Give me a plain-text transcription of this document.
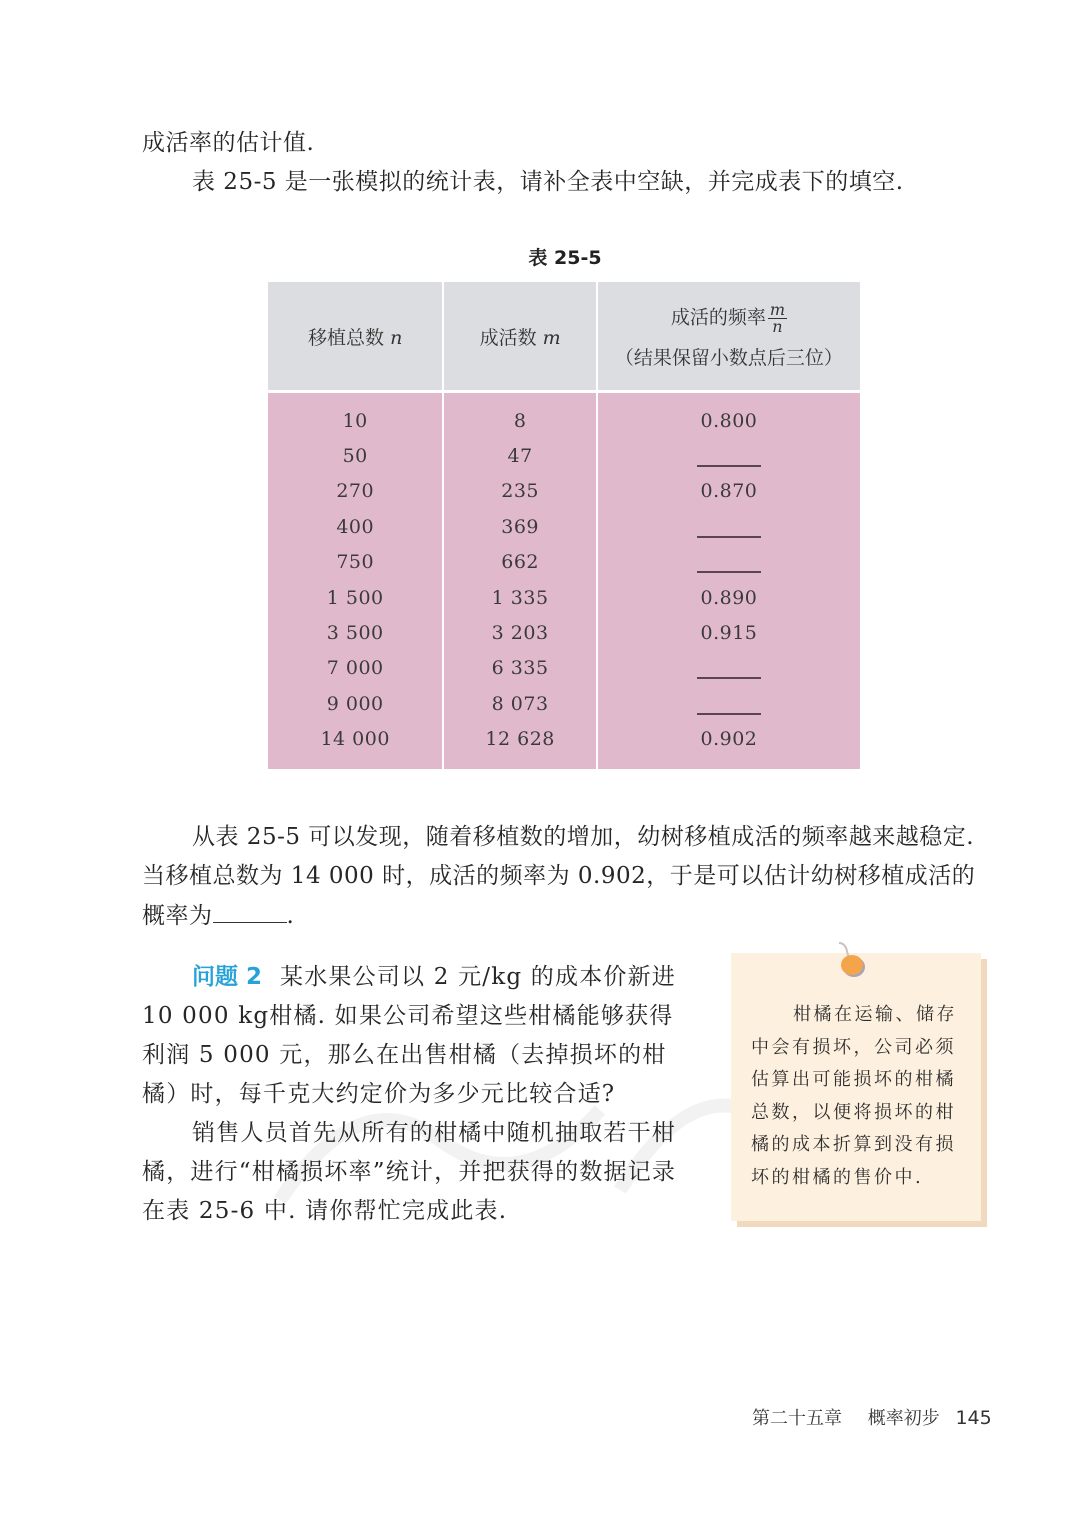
成活率的估计值.
表 25-5 是一张模拟的统计表，请补全表中空缺，并完成表下的填空.
表 25-5
移植总数 n	成活数 m	成活的频率 $\frac{m}{n}$
（结果保留小数点后三位）

10	8	0.800
50	47	
270	235	0.870
400	369	
750	662	
1 500	1 335	0.890
3 500	3 203	0.915
7 000	6 335	
9 000	8 073	
14 000	12 628	0.902
从表 25-5 可以发现，随着移植数的增加，幼树移植成活的频率越来越稳定. 当移植总数为 14 000 时，成活的频率为 0.902，于是可以估计幼树移植成活的概率为	.
问题 2 某水果公司以 2 元/kg 的成本价新进 10 000 kg柑橘. 如果公司希望这些柑橘能够获得利润 5 000 元，那么在出售柑橘（去掉损坏的柑橘）时，每千克大约定价为多少元比较合适?
销售人员首先从所有的柑橘中随机抽取若干柑橘，进行“柑橘损坏率”统计，并把获得的数据记录在表 25-6 中. 请你帮忙完成此表.
柑橘在运输、储存中会有损坏，公司必须估算出可能损坏的柑橘总数，以便将损坏的柑橘的成本折算到没有损坏的柑橘的售价中.
第二十五章 概率初步 145
